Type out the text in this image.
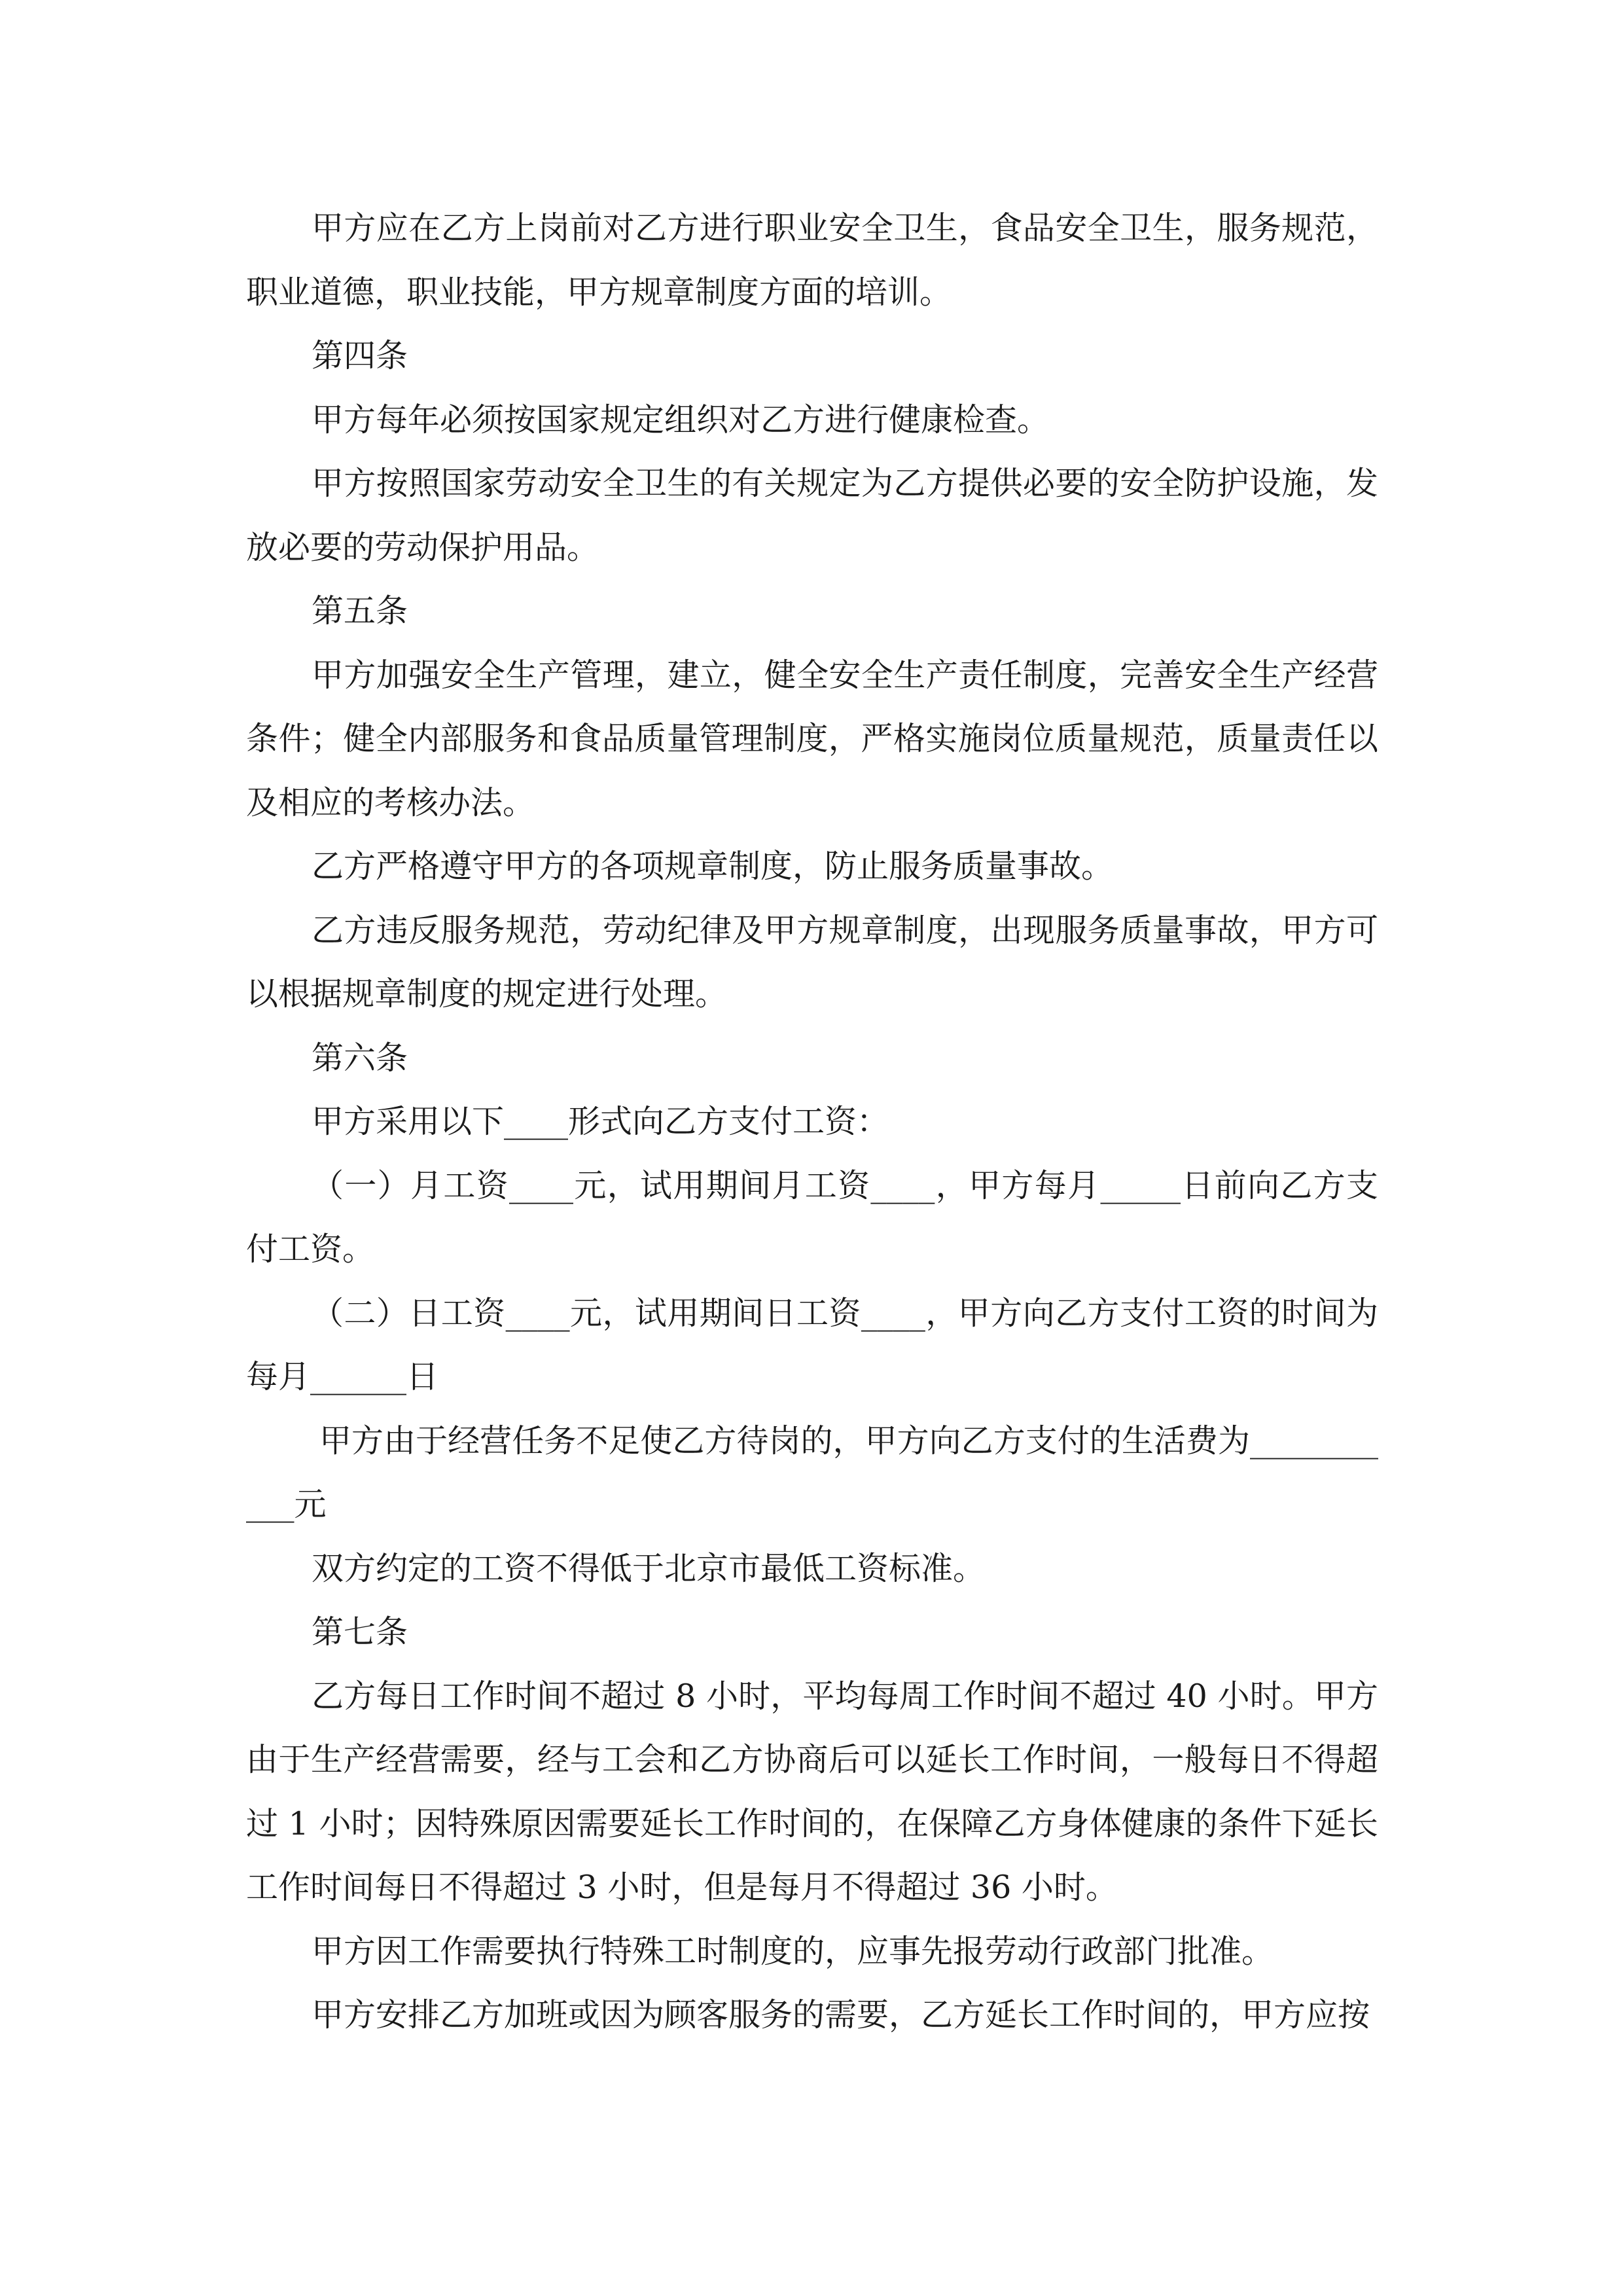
甲方应在乙方上岗前对乙方进行职业安全卫生，食品安全卫生，服务规范，职业道德，职业技能，甲方规章制度方面的培训。

第四条

甲方每年必须按国家规定组织对乙方进行健康检查。

甲方按照国家劳动安全卫生的有关规定为乙方提供必要的安全防护设施，发放必要的劳动保护用品。

第五条

甲方加强安全生产管理，建立，健全安全生产责任制度，完善安全生产经营条件；健全内部服务和食品质量管理制度，严格实施岗位质量规范，质量责任以及相应的考核办法。

乙方严格遵守甲方的各项规章制度，防止服务质量事故。

乙方违反服务规范，劳动纪律及甲方规章制度，出现服务质量事故，甲方可以根据规章制度的规定进行处理。

第六条

甲方采用以下____形式向乙方支付工资：

（一）月工资____元，试用期间月工资____，甲方每月_____日前向乙方支付工资。

（二）日工资____元，试用期间日工资____，甲方向乙方支付工资的时间为每月______日

甲方由于经营任务不足使乙方待岗的，甲方向乙方支付的生活费为___________元

双方约定的工资不得低于北京市最低工资标准。

第七条

乙方每日工作时间不超过 8 小时，平均每周工作时间不超过 40 小时。甲方由于生产经营需要，经与工会和乙方协商后可以延长工作时间，一般每日不得超过 1 小时；因特殊原因需要延长工作时间的，在保障乙方身体健康的条件下延长工作时间每日不得超过 3 小时，但是每月不得超过 36 小时。

甲方因工作需要执行特殊工时制度的，应事先报劳动行政部门批准。

甲方安排乙方加班或因为顾客服务的需要，乙方延长工作时间的，甲方应按
